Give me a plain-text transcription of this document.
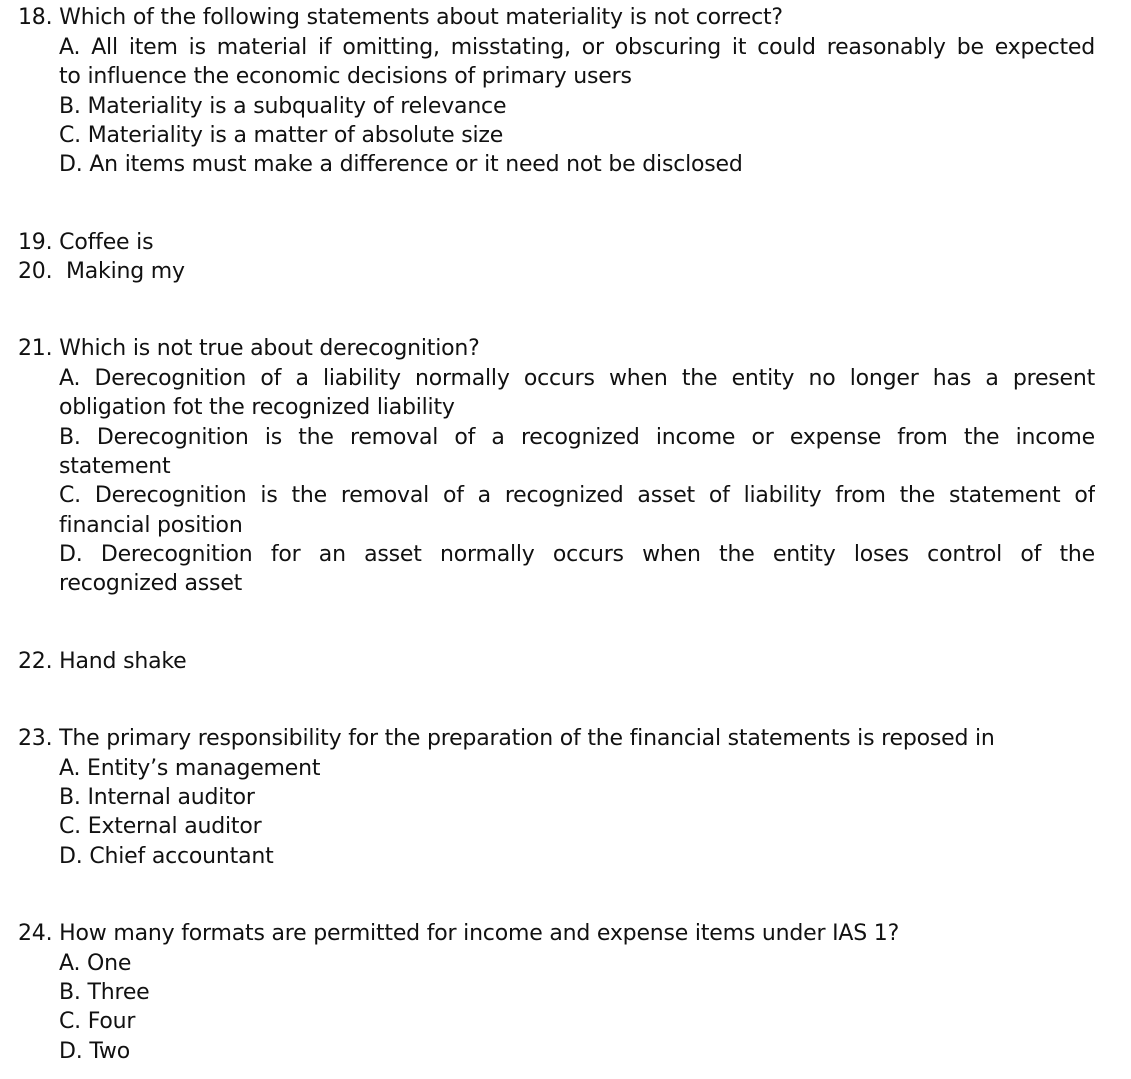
18. Which of the following statements about materiality is not correct?
A. All item is material if omitting, misstating, or obscuring it could reasonably be expected
to influence the economic decisions of primary users
B. Materiality is a subquality of relevance
C. Materiality is a matter of absolute size
D. An items must make a difference or it need not be disclosed
19. Coffee is
20.  Making my
21. Which is not true about derecognition?
A. Derecognition of a liability normally occurs when the entity no longer has a present
obligation fot the recognized liability
B. Derecognition is the removal of a recognized income or expense from the income
statement
C. Derecognition is the removal of a recognized asset of liability from the statement of
financial position
D. Derecognition for an asset normally occurs when the entity loses control of the
recognized asset
22. Hand shake
23. The primary responsibility for the preparation of the financial statements is reposed in
A. Entity’s management
B. Internal auditor
C. External auditor
D. Chief accountant
24. How many formats are permitted for income and expense items under IAS 1?
A. One
B. Three
C. Four
D. Two
